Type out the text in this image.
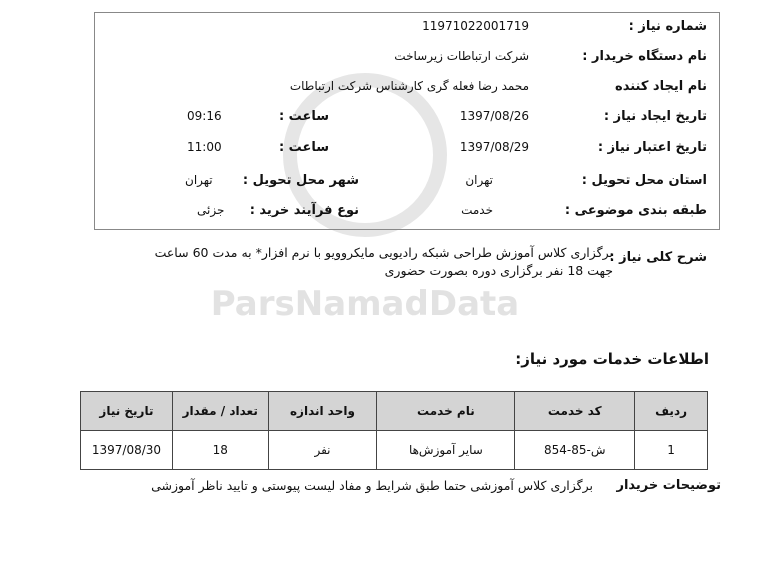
ParsNamadData
شماره نیاز :
11971022001719
نام دستگاه خریدار :
شرکت ارتباطات زیرساخت
نام ایجاد کننده
محمد رضا فعله گری کارشناس شرکت ارتباطات
تاریخ ایجاد نیاز :
1397/08/26
ساعت :
09:16
تاریخ اعتبار نیاز :
1397/08/29
ساعت :
11:00
استان محل تحویل :
تهران
شهر محل تحویل :
تهران
طبقه بندی موضوعی :
خدمت
نوع فرآیند خرید :
جزئی
شرح کلی نیاز :
برگزاری کلاس آموزش طراحی شبکه رادیویی مایکروویو با نرم افزار* به مدت 60 ساعت جهت 18 نفر برگزاری دوره بصورت حضوری
اطلاعات خدمات مورد نیاز:
ردیف	کد خدمت	نام خدمت	واحد اندازه	تعداد / مقدار	تاریخ نیاز
1	ش-85-854	سایر آموزش‌ها	نفر	18	1397/08/30
توضیحات خریدار
برگزاری کلاس آموزشی حتما طبق شرایط و مفاد لیست پیوستی و تایید ناظر آموزشی
